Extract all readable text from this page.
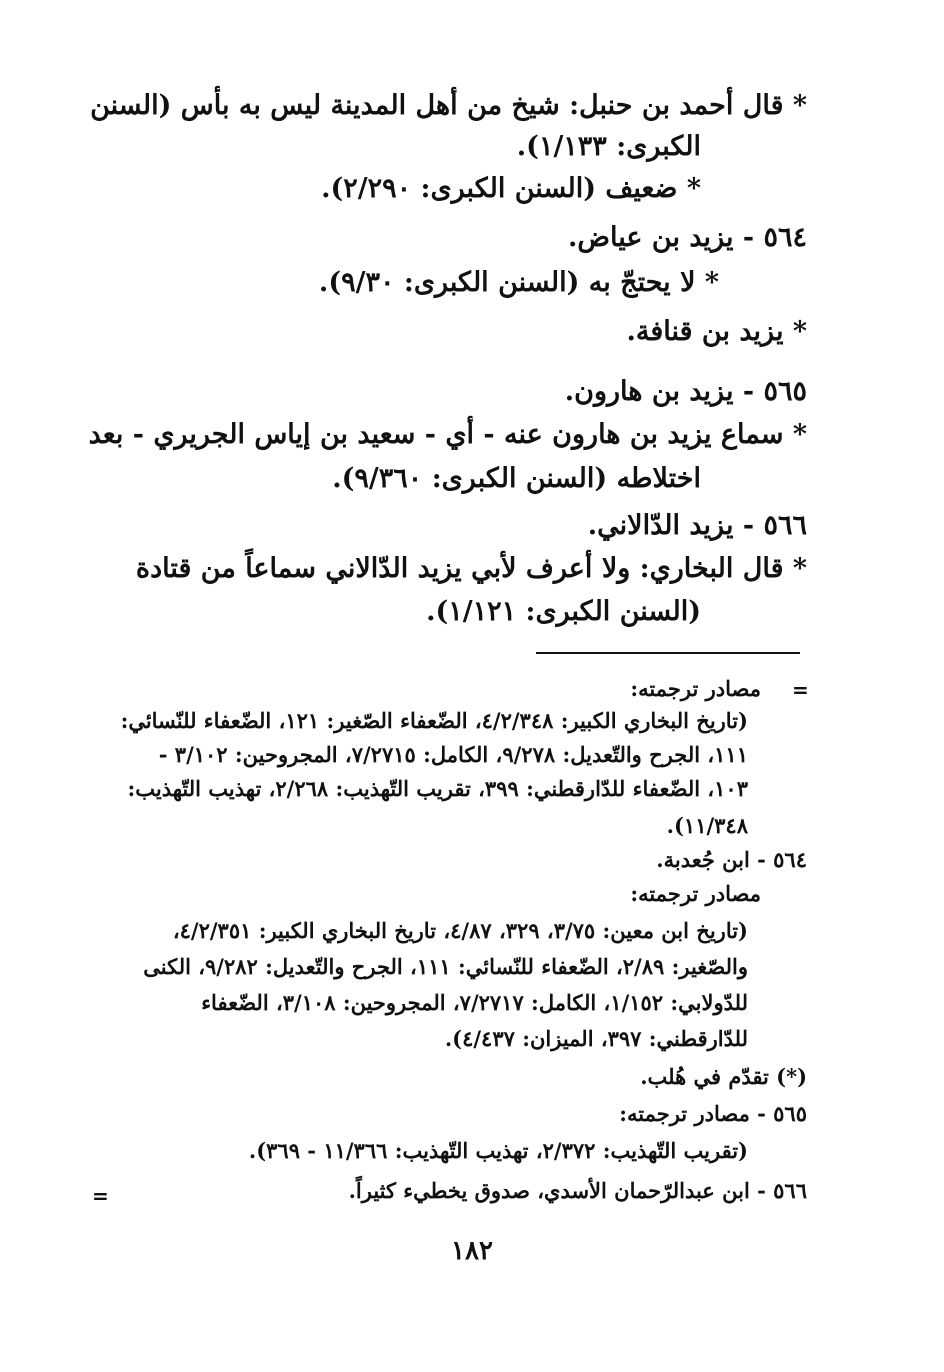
* قال أحمد بن حنبل: شيخ من أهل المدينة ليس به بأس (السنن
الكبرى: ١/١٣٣).
* ضعيف (السنن الكبرى: ٢/٢٩٠).
٥٦٤ - يزيد بن عياض.
* لا يحتجّ به (السنن الكبرى: ٩/٣٠).
* يزيد بن قنافة.
٥٦٥ - يزيد بن هارون.
* سماع يزيد بن هارون عنه - أي - سعيد بن إياس الجريري - بعد
اختلاطه (السنن الكبرى: ٩/٣٦٠).
٥٦٦ - يزيد الدّالاني.
* قال البخاري: ولا أعرف لأبي يزيد الدّالاني سماعاً من قتادة
(السنن الكبرى: ١/١٢١).
=
مصادر ترجمته:
(تاريخ البخاري الكبير: ٤/٢/٣٤٨، الضّعفاء الصّغير: ١٢١، الضّعفاء للنّسائي:
١١١، الجرح والتّعديل: ٩/٢٧٨، الكامل: ٧/٢٧١٥، المجروحين: ٣/١٠٢ -
١٠٣، الضّعفاء للدّارقطني: ٣٩٩، تقريب التّهذيب: ٢/٢٦٨، تهذيب التّهذيب:
١١/٣٤٨).
٥٦٤ - ابن جُعدبة.
مصادر ترجمته:
(تاريخ ابن معين: ٣/٧٥، ٣٢٩، ٤/٨٧، تاريخ البخاري الكبير: ٤/٢/٣٥١،
والصّغير: ٢/٨٩، الضّعفاء للنّسائي: ١١١، الجرح والتّعديل: ٩/٢٨٢، الكنى
للدّولابي: ١/١٥٢، الكامل: ٧/٢٧١٧، المجروحين: ٣/١٠٨، الضّعفاء
للدّارقطني: ٣٩٧، الميزان: ٤/٤٣٧).
(*) تقدّم في هُلب.
٥٦٥ - مصادر ترجمته:
(تقريب التّهذيب: ٢/٣٧٢، تهذيب التّهذيب: ١١/٣٦٦ - ٣٦٩).
٥٦٦ - ابن عبدالرّحمان الأسدي، صدوق يخطيء كثيراً.
=
١٨٢
